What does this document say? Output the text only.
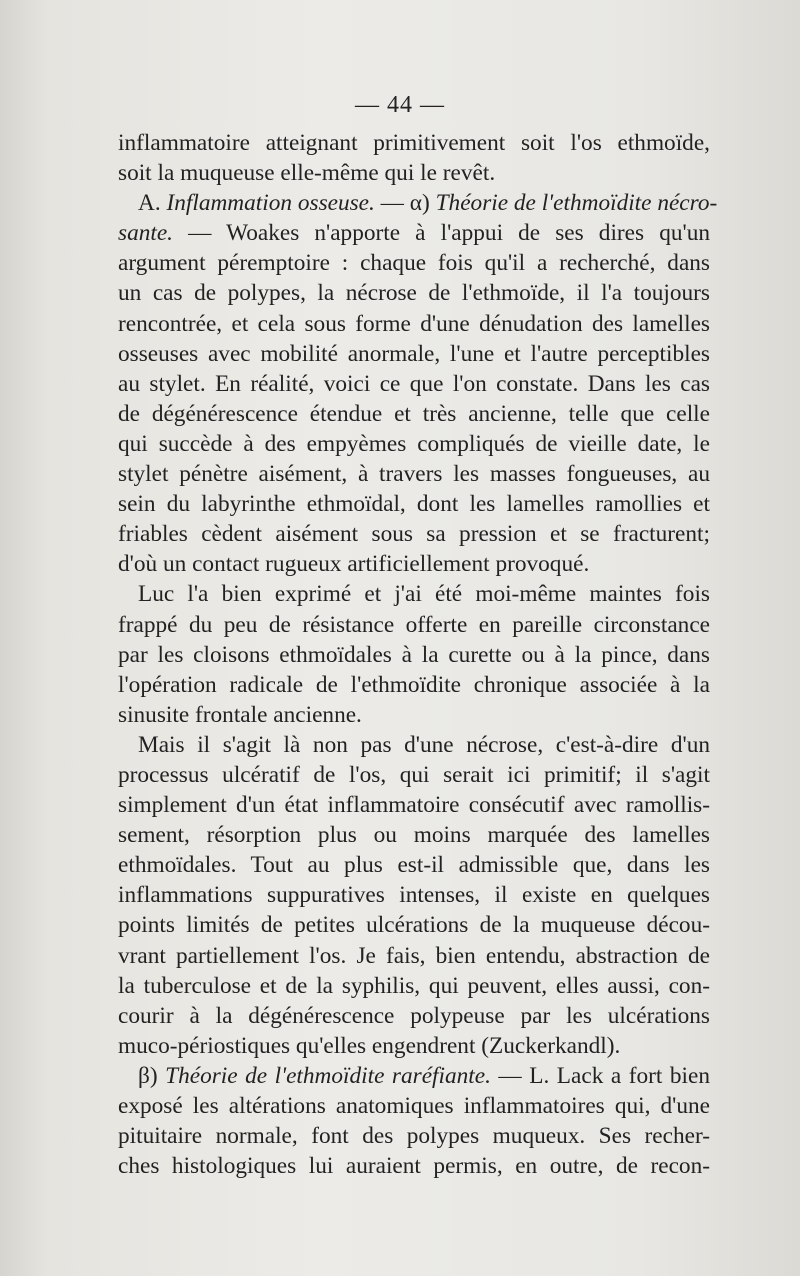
— 44 —
inflammatoire atteignant primitivement soit l'os ethmoïde,
soit la muqueuse elle-même qui le revêt.
A. Inflammation osseuse. — α) Théorie de l'ethmoïdite nécro-
sante. — Woakes n'apporte à l'appui de ses dires qu'un
argument péremptoire : chaque fois qu'il a recherché, dans
un cas de polypes, la nécrose de l'ethmoïde, il l'a toujours
rencontrée, et cela sous forme d'une dénudation des lamelles
osseuses avec mobilité anormale, l'une et l'autre perceptibles
au stylet. En réalité, voici ce que l'on constate. Dans les cas
de dégénérescence étendue et très ancienne, telle que celle
qui succède à des empyèmes compliqués de vieille date, le
stylet pénètre aisément, à travers les masses fongueuses, au
sein du labyrinthe ethmoïdal, dont les lamelles ramollies et
friables cèdent aisément sous sa pression et se fracturent;
d'où un contact rugueux artificiellement provoqué.
Luc l'a bien exprimé et j'ai été moi-même maintes fois
frappé du peu de résistance offerte en pareille circonstance
par les cloisons ethmoïdales à la curette ou à la pince, dans
l'opération radicale de l'ethmoïdite chronique associée à la
sinusite frontale ancienne.
Mais il s'agit là non pas d'une nécrose, c'est-à-dire d'un
processus ulcératif de l'os, qui serait ici primitif; il s'agit
simplement d'un état inflammatoire consécutif avec ramollis-
sement, résorption plus ou moins marquée des lamelles
ethmoïdales. Tout au plus est-il admissible que, dans les
inflammations suppuratives intenses, il existe en quelques
points limités de petites ulcérations de la muqueuse décou-
vrant partiellement l'os. Je fais, bien entendu, abstraction de
la tuberculose et de la syphilis, qui peuvent, elles aussi, con-
courir à la dégénérescence polypeuse par les ulcérations
muco-périostiques qu'elles engendrent (Zuckerkandl).
β) Théorie de l'ethmoïdite raréfiante. — L. Lack a fort bien
exposé les altérations anatomiques inflammatoires qui, d'une
pituitaire normale, font des polypes muqueux. Ses recher-
ches histologiques lui auraient permis, en outre, de recon-
